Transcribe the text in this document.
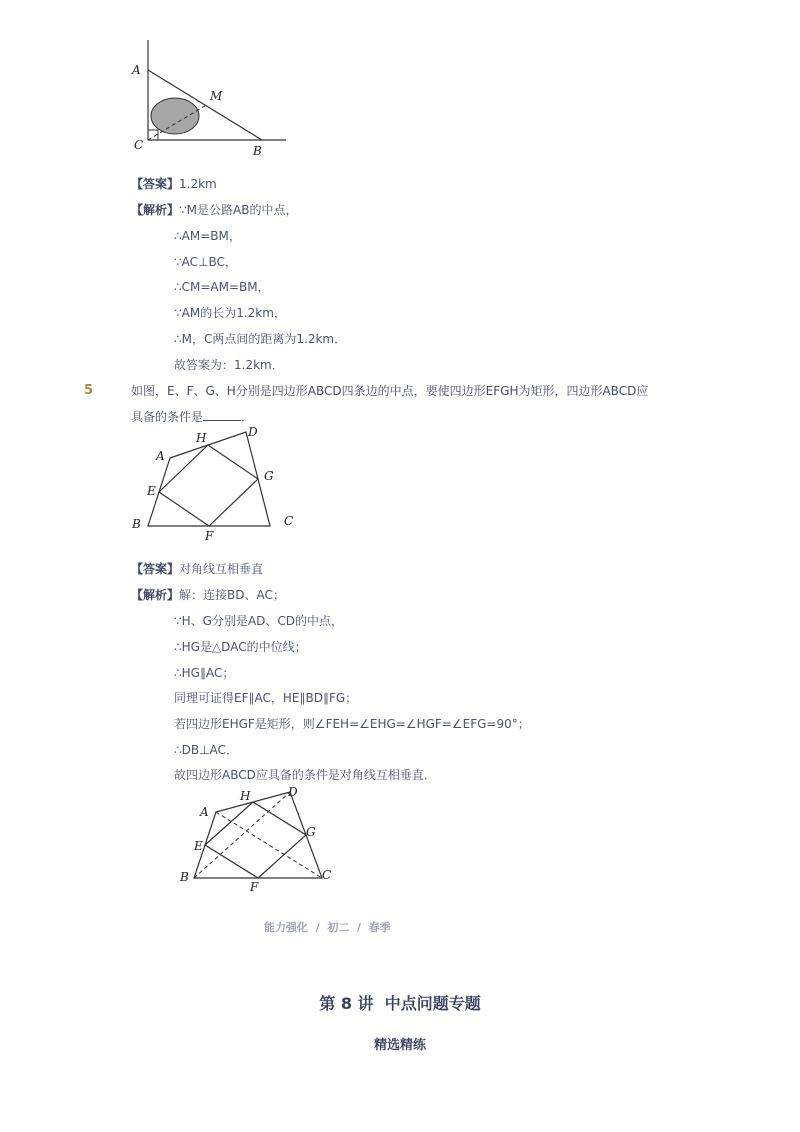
A
M
C	B
【答案】1.2km
【解析】∵M是公路AB的中点，
∴AM=BM，
∵AC⊥BC，
∴CM=AM=BM，
∵AM的长为1.2km，
∴M，C两点间的距离为1.2km．
故答案为：1.2km．
5	如图，E、F、G、H分别是四边形ABCD四条边的中点，要使四边形EFGH为矩形，四边形ABCD应
具备的条件是	．
A
H	D
G
E
B
F
C
【答案】对角线互相垂直
【解析】解：连接BD、AC；
∵H、G分别是AD、CD的中点，
∴HG是△DAC的中位线；
∴HG∥AC；
同理可证得EF∥AC，HE∥BD∥FG；
若四边形EHGF是矩形，则∠FEH=∠EHG=∠HGF=∠EFG=90°；
∴DB⊥AC．
故四边形ABCD应具备的条件是对角线互相垂直．
A
H	D
G
E
B
F
C
能力强化  /  初二  /  春季
第 8 讲  中点问题专题
精选精练
